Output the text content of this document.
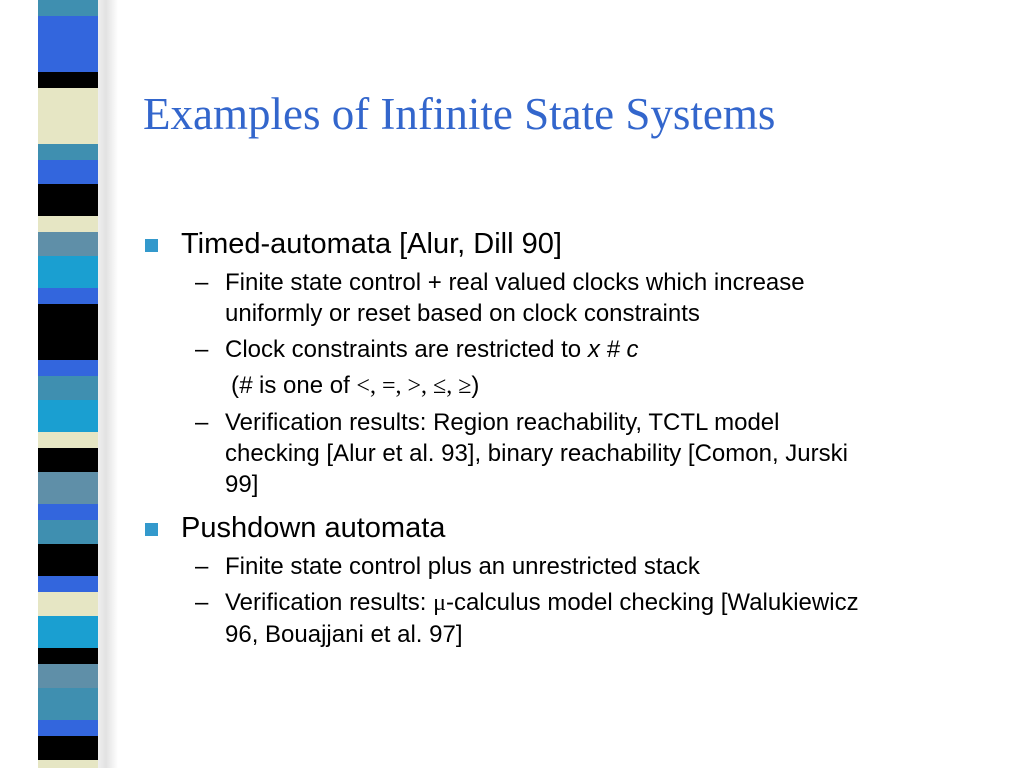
Examples of Infinite State Systems
Timed-automata [Alur, Dill 90]
– Finite state control + real valued clocks which increase
uniformly or reset based on clock constraints
– Clock constraints are restricted to x # c
(# is one of <, =, >, ≤, ≥)
– Verification results: Region reachability, TCTL model
checking [Alur et al. 93], binary reachability [Comon, Jurski
99]
Pushdown automata
– Finite state control plus an unrestricted stack
– Verification results: μ-calculus model checking [Walukiewicz
96, Bouajjani et al. 97]
